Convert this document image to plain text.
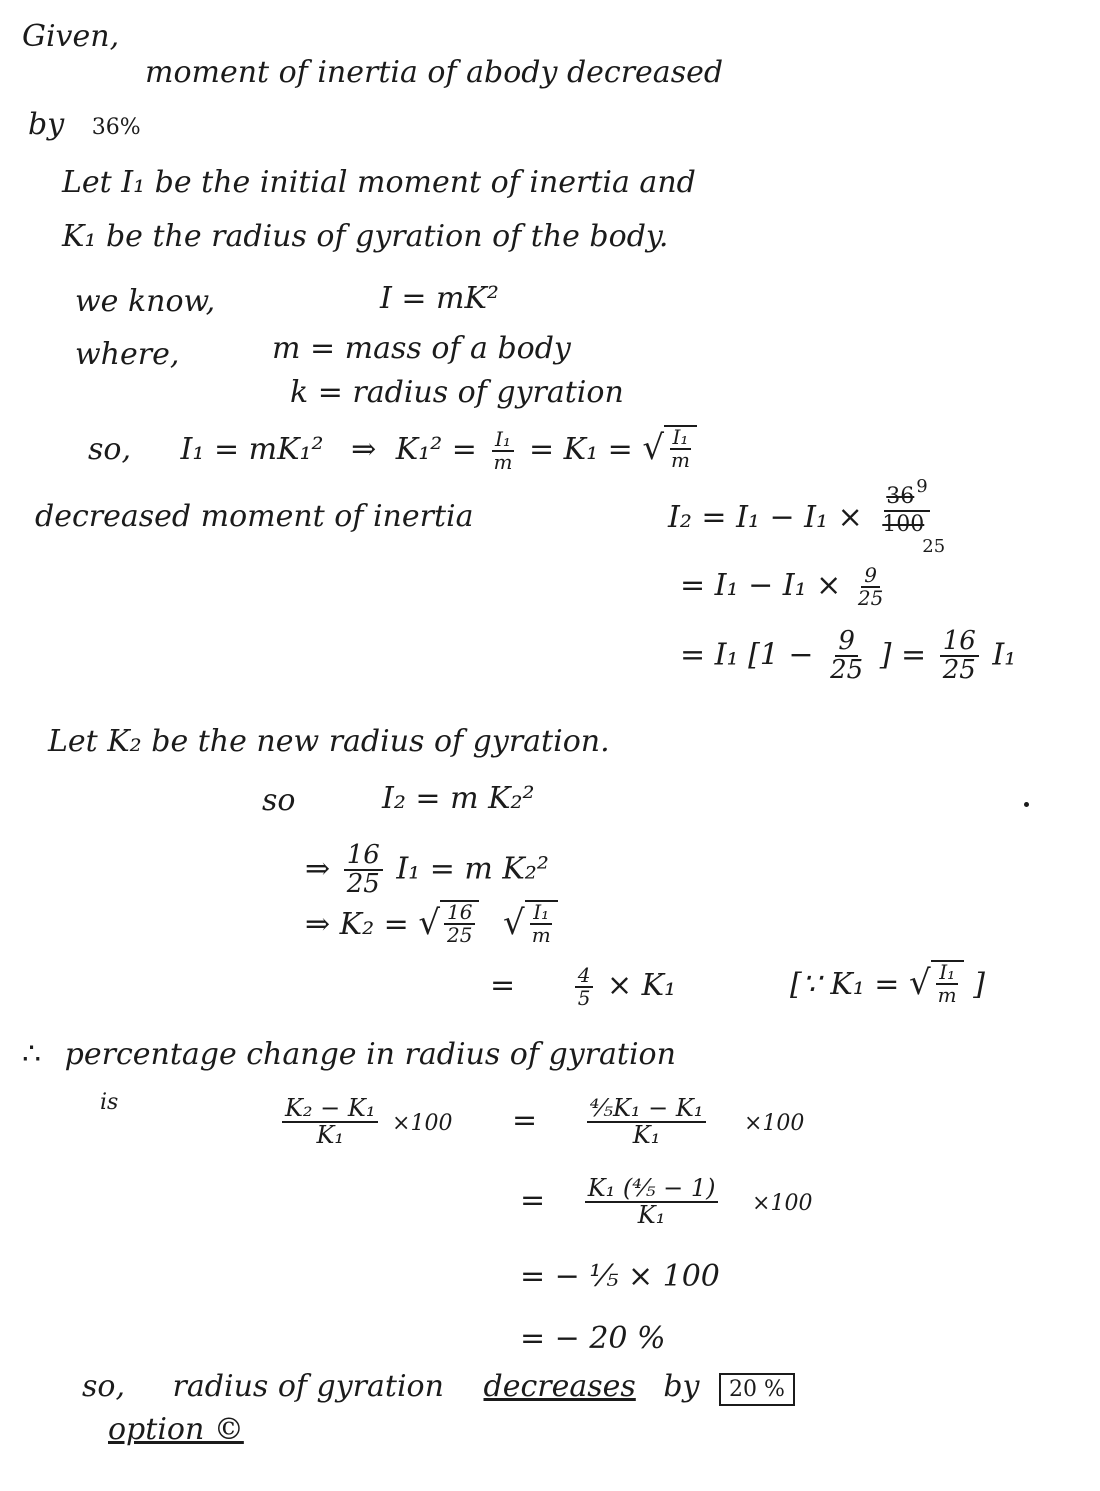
Given,
moment of inertia of abody decreased
by 36%
Let I₁ be the initial moment of inertia and
K₁ be the radius of gyration of the body.
we know,	I = mK²
where,	m = mass of a body
k = radius of gyration
so, I₁ = mK₁² ⇒ $K_1^2 = \frac{\text{I₁}}{m} = K_1$ = √ $\frac{\text{I₁}}{m}$
decreased moment of inertia	I₂ = I₁ − I₁ ×
36 9
100
25
= $I_1 - I_1 \times \frac{9}{25}$
= I₁ [$1 - \frac{9}{25}$ ] = $\frac{16}{25} I_1$
Let K₂ be the new radius of gyration.
so	I₂ = m K₂²
⇒ $\frac{16}{25} I_1 = m$ K₂²
⇒ K₂ = √ $\frac{16}{25}$
√ $\frac{\text{I₁}}{m}$
=	$\frac{4}{5} \times K_1$	[∵ K₁ = √ $\frac{\text{I₁}}{m}$ ]
∴ percentage change in radius of gyration
is	$\frac{\text{K₂ − K₁}}{\text{K₁}} \times 100 = \frac{\text{⁴⁄₅K₁ − K₁}}{\text{K₁}} \times 100$
= $\frac{\text{K₁ (⁴⁄₅ − 1)}}{\text{K₁}} \times 100$
= − ⅕ × 100
= − 20 %
so, radius of gyration decreases by 20 %
option ©
